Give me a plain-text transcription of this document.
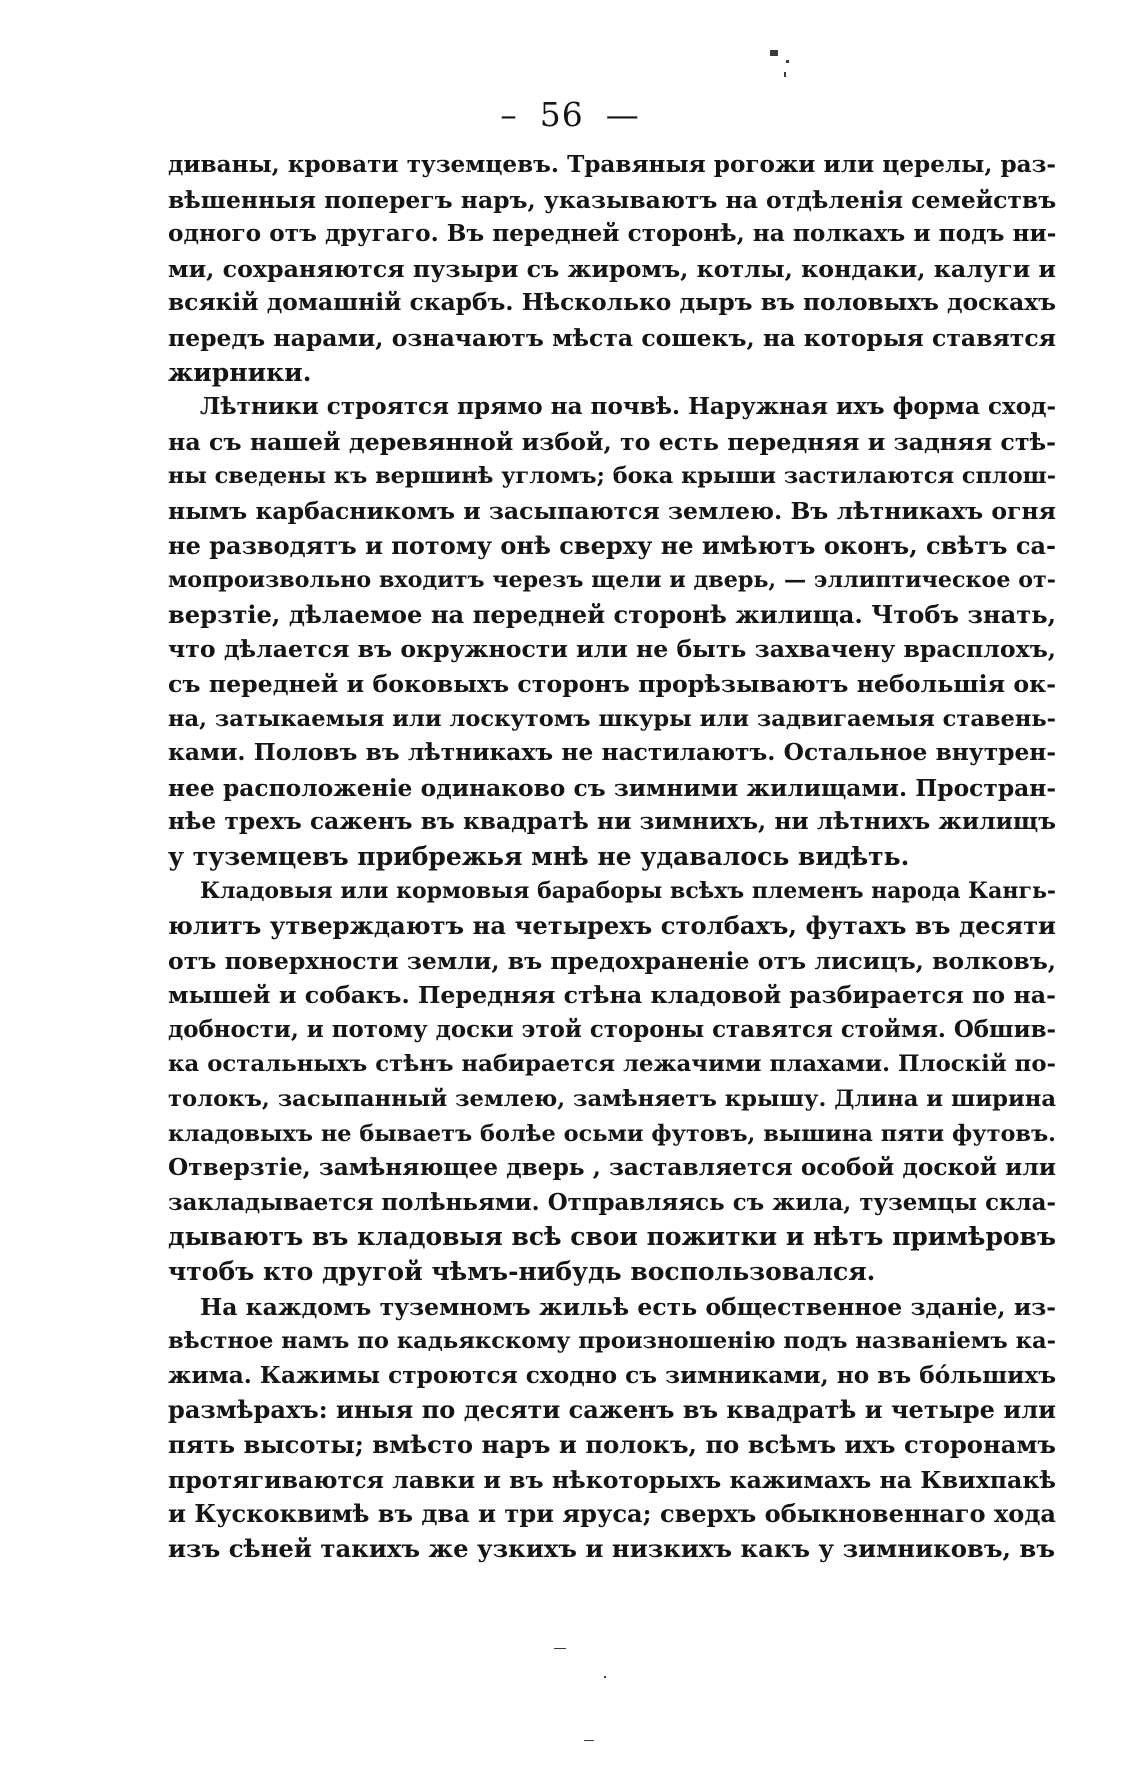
– 56 —
диваны, кровати туземцевъ. Травяныя рогожи или церелы, раз-
вѣшенныя поперегъ наръ, указываютъ на отдѣленія семействъ
одного отъ другаго. Въ передней сторонѣ, на полкахъ и подъ ни-
ми, сохраняются пузыри съ жиромъ, котлы, кондаки, калуги и
всякій домашній скарбъ. Нѣсколько дыръ въ половыхъ доскахъ
передъ нарами, означаютъ мѣста сошекъ, на которыя ставятся
жирники.
Лѣтники строятся прямо на почвѣ. Наружная ихъ форма сход-
на съ нашей деревянной избой, то есть передняя и задняя стѣ-
ны сведены къ вершинѣ угломъ; бока крыши застилаются сплош-
нымъ карбасникомъ и засыпаются землею. Въ лѣтникахъ огня
не разводятъ и потому онѣ сверху не имѣютъ оконъ, свѣтъ са-
мопроизвольно входитъ черезъ щели и дверь, — эллиптическое от-
верзтіе, дѣлаемое на передней сторонѣ жилища. Чтобъ знать,
что дѣлается въ окружности или не быть захвачену врасплохъ,
съ передней и боковыхъ сторонъ прорѣзываютъ небольшія ок-
на, затыкаемыя или лоскутомъ шкуры или задвигаемыя ставень-
ками. Половъ въ лѣтникахъ не настилаютъ. Остальное внутрен-
нее расположеніе одинаково съ зимними жилищами. Простран-
нѣе трехъ саженъ въ квадратѣ ни зимнихъ, ни лѣтнихъ жилищъ
у туземцевъ прибрежья мнѣ не удавалось видѣть.
Кладовыя или кормовыя бараборы всѣхъ племенъ народа Кангь-
юлитъ утверждаютъ на четырехъ столбахъ, футахъ въ десяти
отъ поверхности земли, въ предохраненіе отъ лисицъ, волковъ,
мышей и собакъ. Передняя стѣна кладовой разбирается по на-
добности, и потому доски этой стороны ставятся стоймя. Обшив-
ка остальныхъ стѣнъ набирается лежачими плахами. Плоскій по-
толокъ, засыпанный землею, замѣняетъ крышу. Длина и ширина
кладовыхъ не бываетъ болѣе осьми футовъ, вышина пяти футовъ.
Отверзтіе, замѣняющее дверь , заставляется особой доской или
закладывается полѣньями. Отправляясь съ жила, туземцы скла-
дываютъ въ кладовыя всѣ свои пожитки и нѣтъ примѣровъ
чтобъ кто другой чѣмъ-нибудь воспользовался.
На каждомъ туземномъ жильѣ есть общественное зданіе, из-
вѣстное намъ по кадьякскому произношенію подъ названіемъ ка-
жима. Кажимы строются сходно съ зимниками, но въ бо́льшихъ
размѣрахъ: иныя по десяти саженъ въ квадратѣ и четыре или
пять высоты; вмѣсто наръ и полокъ, по всѣмъ ихъ сторонамъ
протягиваются лавки и въ нѣкоторыхъ кажимахъ на Квихпакѣ
и Кускоквимѣ въ два и три яруса; сверхъ обыкновеннаго хода
изъ сѣней такихъ же узкихъ и низкихъ какъ у зимниковъ, въ
